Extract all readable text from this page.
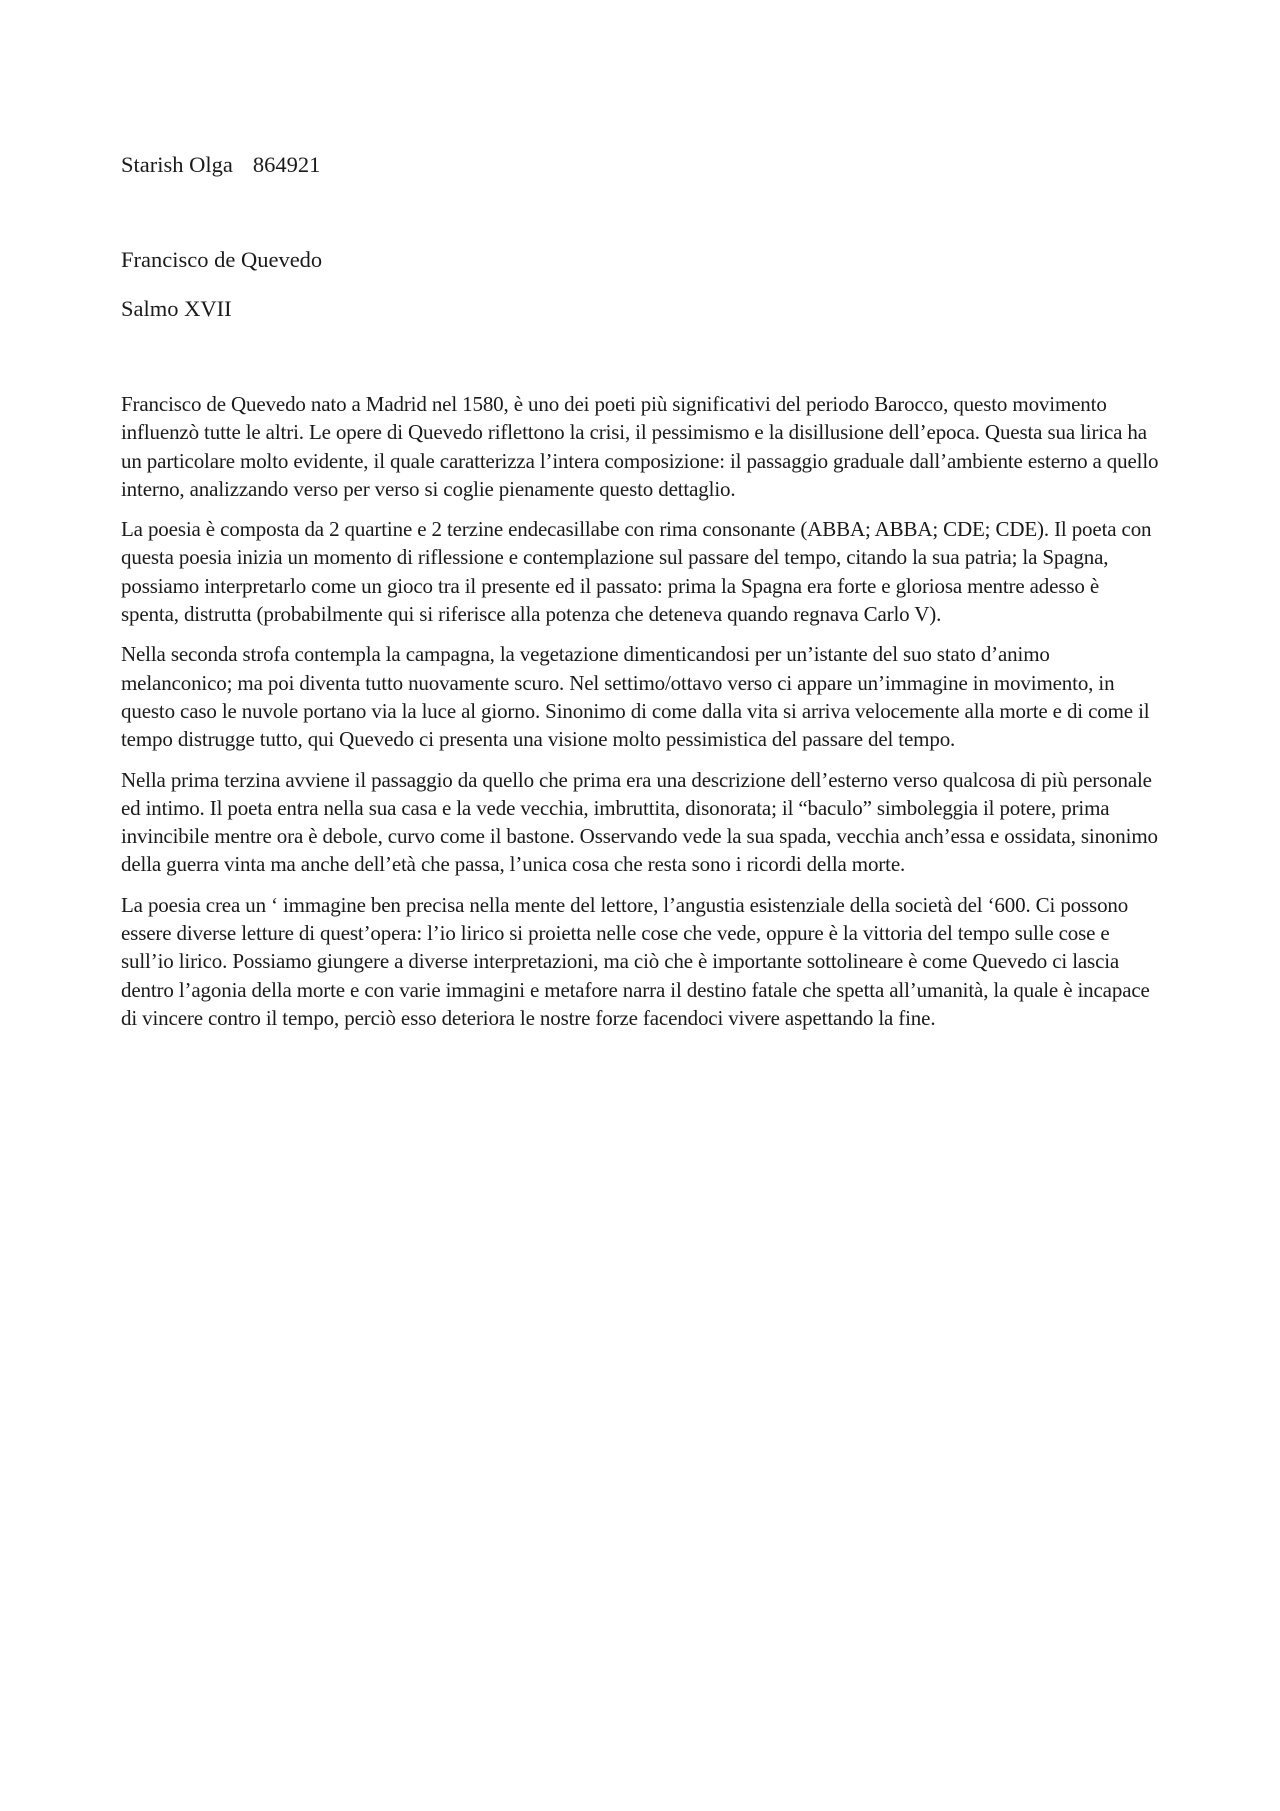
Starish Olga 864921
Francisco de Quevedo
Salmo XVII

Francisco de Quevedo nato a Madrid nel 1580, è uno dei poeti più significativi del periodo Barocco, questo movimento influenzò tutte le altri. Le opere di Quevedo riflettono la crisi, il pessimismo e la disillusione dell’epoca. Questa sua lirica ha un particolare molto evidente, il quale caratterizza l’intera composizione: il passaggio graduale dall’ambiente esterno a quello interno, analizzando verso per verso si coglie pienamente questo dettaglio.

La poesia è composta da 2 quartine e 2 terzine endecasillabe con rima consonante (ABBA; ABBA; CDE; CDE). Il poeta con questa poesia inizia un momento di riflessione e contemplazione sul passare del tempo, citando la sua patria; la Spagna, possiamo interpretarlo come un gioco tra il presente ed il passato: prima la Spagna era forte e gloriosa mentre adesso è spenta, distrutta (probabilmente qui si riferisce alla potenza che deteneva quando regnava Carlo V).

Nella seconda strofa contempla la campagna, la vegetazione dimenticandosi per un’istante del suo stato d’animo melanconico; ma poi diventa tutto nuovamente scuro. Nel settimo/ottavo verso ci appare un’immagine in movimento, in questo caso le nuvole portano via la luce al giorno. Sinonimo di come dalla vita si arriva velocemente alla morte e di come il tempo distrugge tutto, qui Quevedo ci presenta una visione molto pessimistica del passare del tempo.

Nella prima terzina avviene il passaggio da quello che prima era una descrizione dell’esterno verso qualcosa di più personale ed intimo. Il poeta entra nella sua casa e la vede vecchia, imbruttita, disonorata; il “baculo” simboleggia il potere, prima invincibile mentre ora è debole, curvo come il bastone. Osservando vede la sua spada, vecchia anch’essa e ossidata, sinonimo della guerra vinta ma anche dell’età che passa, l’unica cosa che resta sono i ricordi della morte.

La poesia crea un ‘ immagine ben precisa nella mente del lettore, l’angustia esistenziale della società del ‘600. Ci possono essere diverse letture di quest’opera: l’io lirico si proietta nelle cose che vede, oppure è la vittoria del tempo sulle cose e sull’io lirico. Possiamo giungere a diverse interpretazioni, ma ciò che è importante sottolineare è come Quevedo ci lascia dentro l’agonia della morte e con varie immagini e metafore narra il destino fatale che spetta all’umanità, la quale è incapace di vincere contro il tempo, perciò esso deteriora le nostre forze facendoci vivere aspettando la fine.
